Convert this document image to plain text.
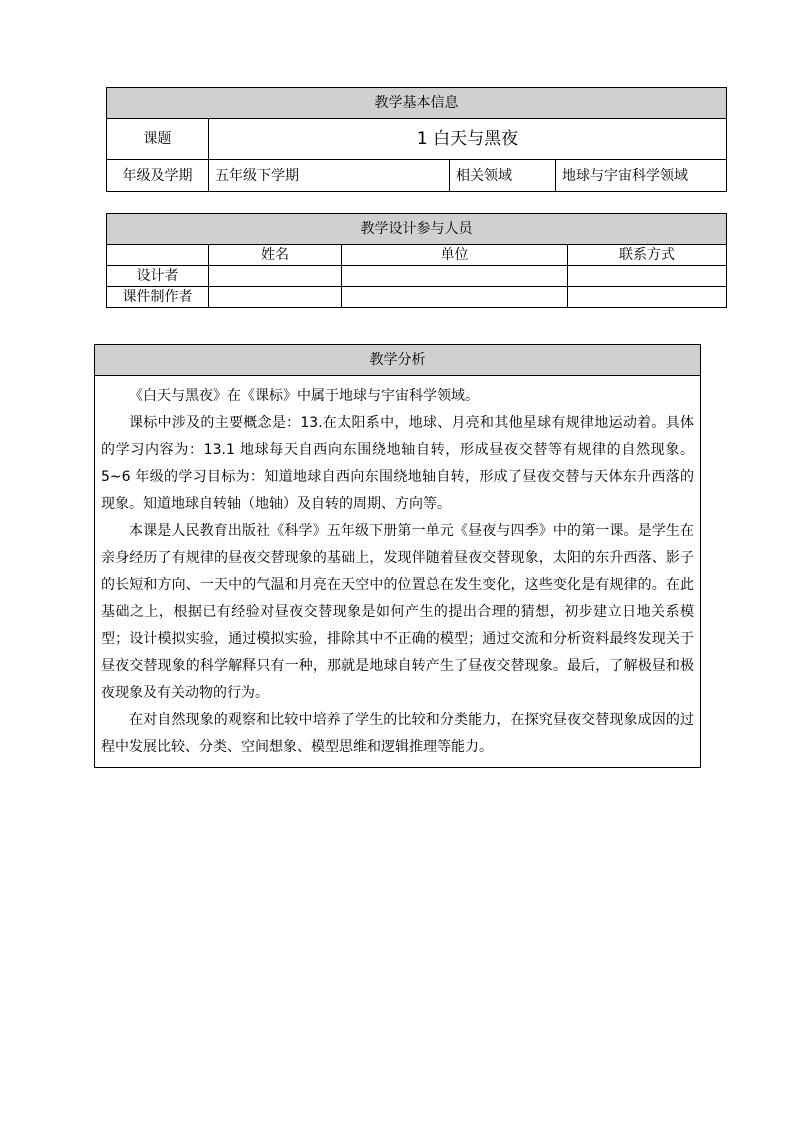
教学基本信息			
课题	1 白天与黑夜		
年级及学期	五年级下学期	相关领域	地球与宇宙科学领域
教学设计参与人员			
	姓名	单位	联系方式
设计者			
课件制作者			
教学分析

《白天与黑夜》在《课标》中属于地球与宇宙科学领域。

课标中涉及的主要概念是：13.在太阳系中，地球、月亮和其他星球有规律地运动着。具体的学习内容为：13.1 地球每天自西向东围绕地轴自转，形成昼夜交替等有规律的自然现象。5~6 年级的学习目标为：知道地球自西向东围绕地轴自转，形成了昼夜交替与天体东升西落的现象。知道地球自转轴（地轴）及自转的周期、方向等。

本课是人民教育出版社《科学》五年级下册第一单元《昼夜与四季》中的第一课。是学生在亲身经历了有规律的昼夜交替现象的基础上，发现伴随着昼夜交替现象，太阳的东升西落、影子的长短和方向、一天中的气温和月亮在天空中的位置总在发生变化，这些变化是有规律的。在此基础之上，根据已有经验对昼夜交替现象是如何产生的提出合理的猜想，初步建立日地关系模型；设计模拟实验，通过模拟实验，排除其中不正确的模型；通过交流和分析资料最终发现关于昼夜交替现象的科学解释只有一种，那就是地球自转产生了昼夜交替现象。最后，了解极昼和极夜现象及有关动物的行为。

在对自然现象的观察和比较中培养了学生的比较和分类能力，在探究昼夜交替现象成因的过程中发展比较、分类、空间想象、模型思维和逻辑推理等能力。
